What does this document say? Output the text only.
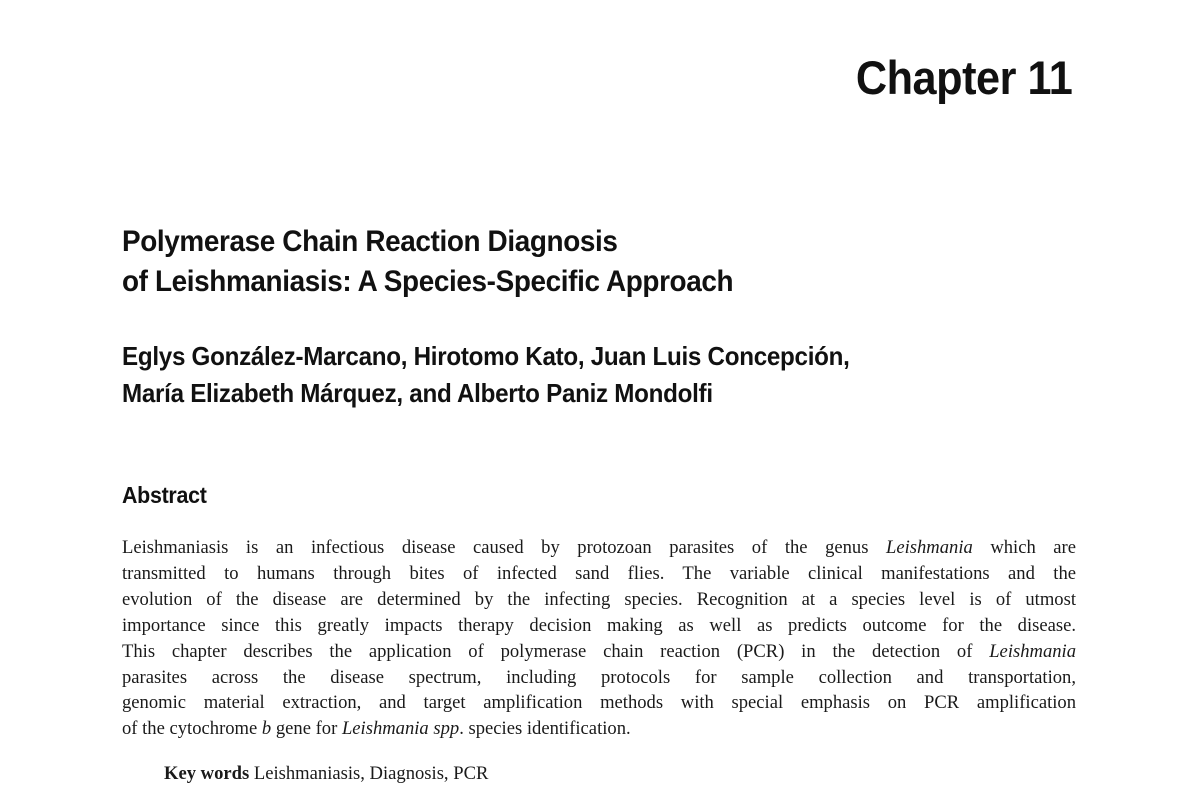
Chapter 11
Polymerase Chain Reaction Diagnosis
of Leishmaniasis: A Species-Specific Approach
Eglys González-Marcano, Hirotomo Kato, Juan Luis Concepción,
María Elizabeth Márquez, and Alberto Paniz Mondolfi
Abstract
Leishmaniasis is an infectious disease caused by protozoan parasites of the genus Leishmania which are
transmitted to humans through bites of infected sand flies. The variable clinical manifestations and the
evolution of the disease are determined by the infecting species. Recognition at a species level is of utmost
importance since this greatly impacts therapy decision making as well as predicts outcome for the disease.
This chapter describes the application of polymerase chain reaction (PCR) in the detection of Leishmania
parasites across the disease spectrum, including protocols for sample collection and transportation,
genomic material extraction, and target amplification methods with special emphasis on PCR amplification
of the cytochrome b gene for Leishmania spp. species identification.
Key words Leishmaniasis, Diagnosis, PCR
